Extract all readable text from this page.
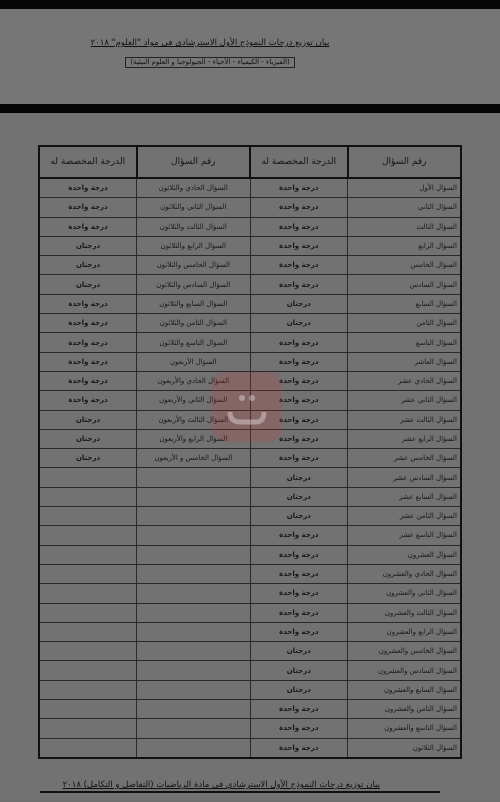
بيان توزيع درجات النموذج الأول الاسترشادى فى مواد "العلوم" ٢٠١٨
(الفيزياء - الكيمياء - الأحياء - الجيولوجيا و العلوم البيئية)
رقم السؤال	الدرجة المخصصة له	رقم السؤال	الدرجة المخصصة له
السؤال الأول	درجة واحدة	السؤال الحادي والثلاثون	درجة واحدة
السؤال الثاني	درجة واحدة	السؤال الثاني والثلاثون	درجة واحدة
السؤال الثالث	درجة واحدة	السؤال الثالث والثلاثون	درجة واحدة
السؤال الرابع	درجة واحدة	السؤال الرابع والثلاثون	درجتان
السؤال الخامس	درجة واحدة	السؤال الخامس والثلاثون	درجتان
السؤال السادس	درجة واحدة	السؤال السادس والثلاثون	درجتان
السؤال السابع	درجتان	السؤال السابع والثلاثون	درجة واحدة
السؤال الثامن	درجتان	السؤال الثامن والثلاثون	درجة واحدة
السؤال التاسع	درجة واحدة	السؤال التاسع والثلاثون	درجة واحدة
السؤال العاشر	درجة واحدة	السؤال الأربعون	درجة واحدة
السؤال الحادي عشر	درجة واحدة	السؤال الحادي والأربعون	درجة واحدة
السؤال الثاني عشر	درجة واحدة	السؤال الثاني والأربعون	درجة واحدة
السؤال الثالث عشر	درجة واحدة	السؤال الثالث والأربعون	درجتان
السؤال الرابع عشر	درجة واحدة	السؤال الرابع والأربعون	درجتان
السؤال الخامس عشر	درجة واحدة	السؤال الخامس و الأربعون	درجتان
السؤال السادس عشر	درجتان		
السؤال السابع عشر	درجتان		
السؤال الثامن عشر	درجتان		
السؤال التاسع عشر	درجة واحدة		
السؤال العشرون	درجة واحدة		
السؤال الحادي والعشرون	درجة واحدة		
السؤال الثاني والعشرون	درجة واحدة		
السؤال الثالث والعشرون	درجة واحدة		
السؤال الرابع والعشرون	درجة واحدة		
السؤال الخامس والعشرون	درجتان		
السؤال السادس والعشرون	درجتان		
السؤال السابع والعشرون	درجتان		
السؤال الثامن والعشرون	درجة واحدة		
السؤال التاسع والعشرون	درجة واحدة		
السؤال الثلاثون	درجة واحدة		
بيان توزيع درجات النموذج الأول الاسترشادي فى مادة الرياضيات (التفاضل و التكامل) ٢٠١٨
